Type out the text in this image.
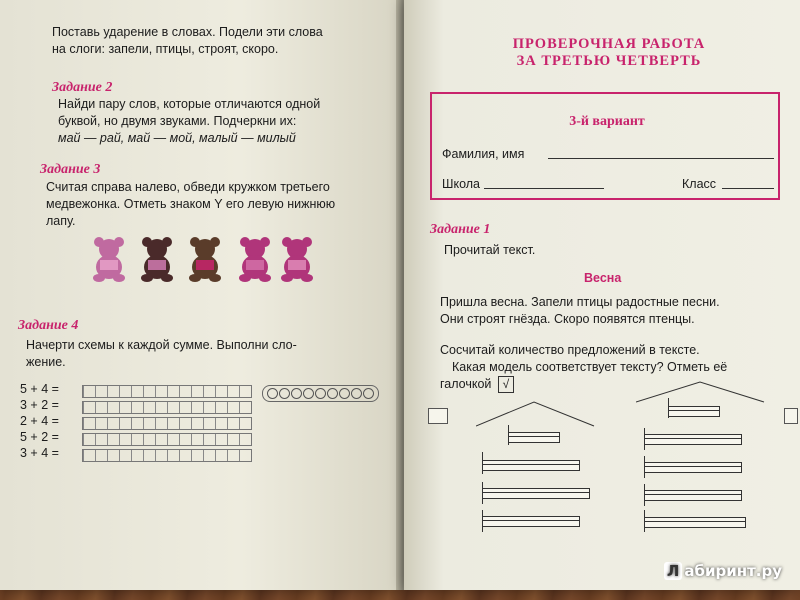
Поставь ударение в словах. Подели эти слова
на слоги: запели, птицы, строят, скоро.
Задание 2
Найди пару слов, которые отличаются одной
буквой, но двумя звуками. Подчеркни их:
май — рай, май — мой, малый — милый
Задание 3
Считая справа налево, обведи кружком третьего
медвежонка. Отметь знаком Y его левую нижнюю
лапу.
Задание 4
Начерти схемы к каждой сумме. Выполни сло-
жение.
5 + 4 =
3 + 2 =
2 + 4 =
5 + 2 =
3 + 4 =
ПРОВЕРОЧНАЯ РАБОТА
ЗА ТРЕТЬЮ ЧЕТВЕРТЬ
3-й вариант
Фамилия, имя
Школа	Класс
Задание 1
Прочитай текст.
Весна
Пришла весна. Запели птицы радостные песни.
Они строят гнёзда. Скоро появятся птенцы.
Сосчитай количество предложений в тексте.
Какая модель соответствует тексту? Отметь её
галочкой √
Л абиринт.ру
